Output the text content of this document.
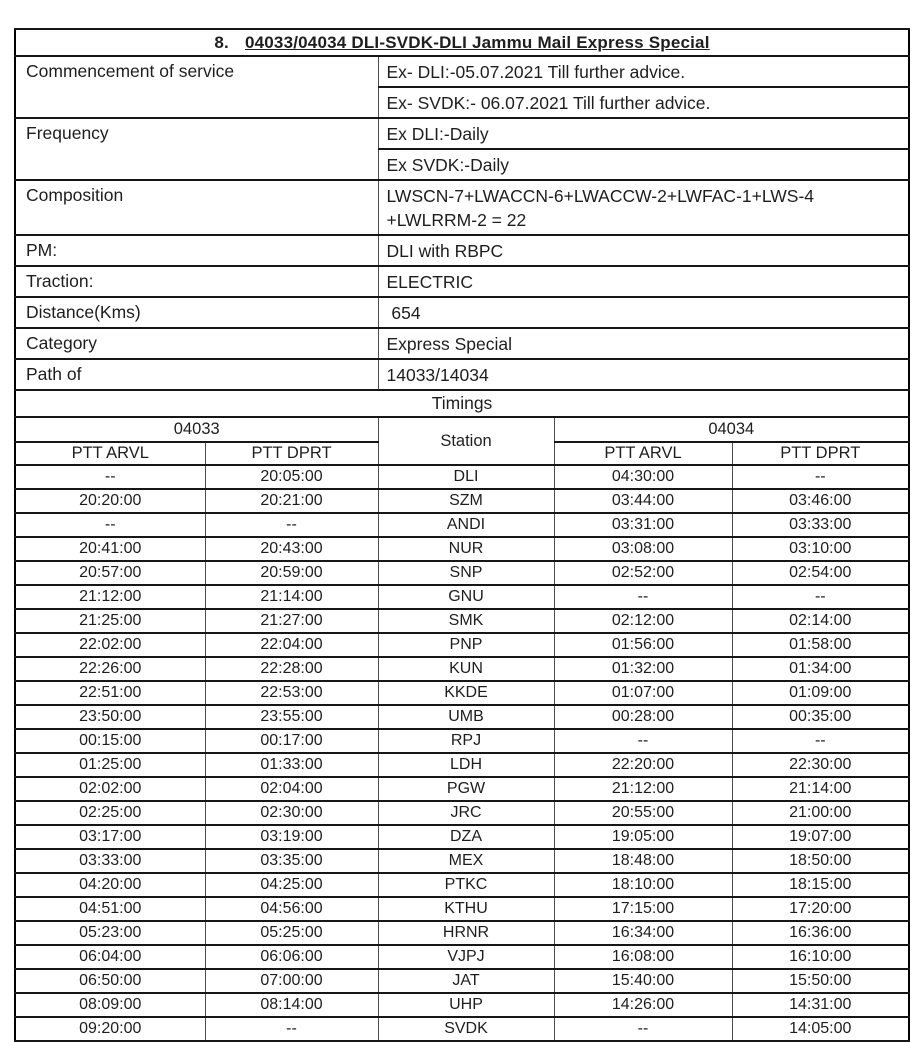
8. 04033/04034 DLI-SVDK-DLI Jammu Mail Express Special				
Commencement of service		Ex- DLI:-05.07.2021 Till further advice.		
		Ex- SVDK:- 06.07.2021 Till further advice.		
Frequency		Ex DLI:-Daily		
		Ex SVDK:-Daily		
Composition		LWSCN-7+LWACCN-6+LWACCW-2+LWFAC-1+LWS-4
+LWLRRM-2 = 22		

PM:		DLI with RBPC		
Traction:		ELECTRIC		
Distance(Kms)		654		
Category		Express Special		
Path of		14033/14034		
Timings				
04033		Station	04034	
PTT ARVL	PTT DPRT		PTT ARVL	PTT DPRT
--	20:05:00	DLI	04:30:00	--
20:20:00	20:21:00	SZM	03:44:00	03:46:00
--	--	ANDI	03:31:00	03:33:00
20:41:00	20:43:00	NUR	03:08:00	03:10:00
20:57:00	20:59:00	SNP	02:52:00	02:54:00
21:12:00	21:14:00	GNU	--	--
21:25:00	21:27:00	SMK	02:12:00	02:14:00
22:02:00	22:04:00	PNP	01:56:00	01:58:00
22:26:00	22:28:00	KUN	01:32:00	01:34:00
22:51:00	22:53:00	KKDE	01:07:00	01:09:00
23:50:00	23:55:00	UMB	00:28:00	00:35:00
00:15:00	00:17:00	RPJ	--	--
01:25:00	01:33:00	LDH	22:20:00	22:30:00
02:02:00	02:04:00	PGW	21:12:00	21:14:00
02:25:00	02:30:00	JRC	20:55:00	21:00:00
03:17:00	03:19:00	DZA	19:05:00	19:07:00
03:33:00	03:35:00	MEX	18:48:00	18:50:00
04:20:00	04:25:00	PTKC	18:10:00	18:15:00
04:51:00	04:56:00	KTHU	17:15:00	17:20:00
05:23:00	05:25:00	HRNR	16:34:00	16:36:00
06:04:00	06:06:00	VJPJ	16:08:00	16:10:00
06:50:00	07:00:00	JAT	15:40:00	15:50:00
08:09:00	08:14:00	UHP	14:26:00	14:31:00
09:20:00	--	SVDK	--	14:05:00
